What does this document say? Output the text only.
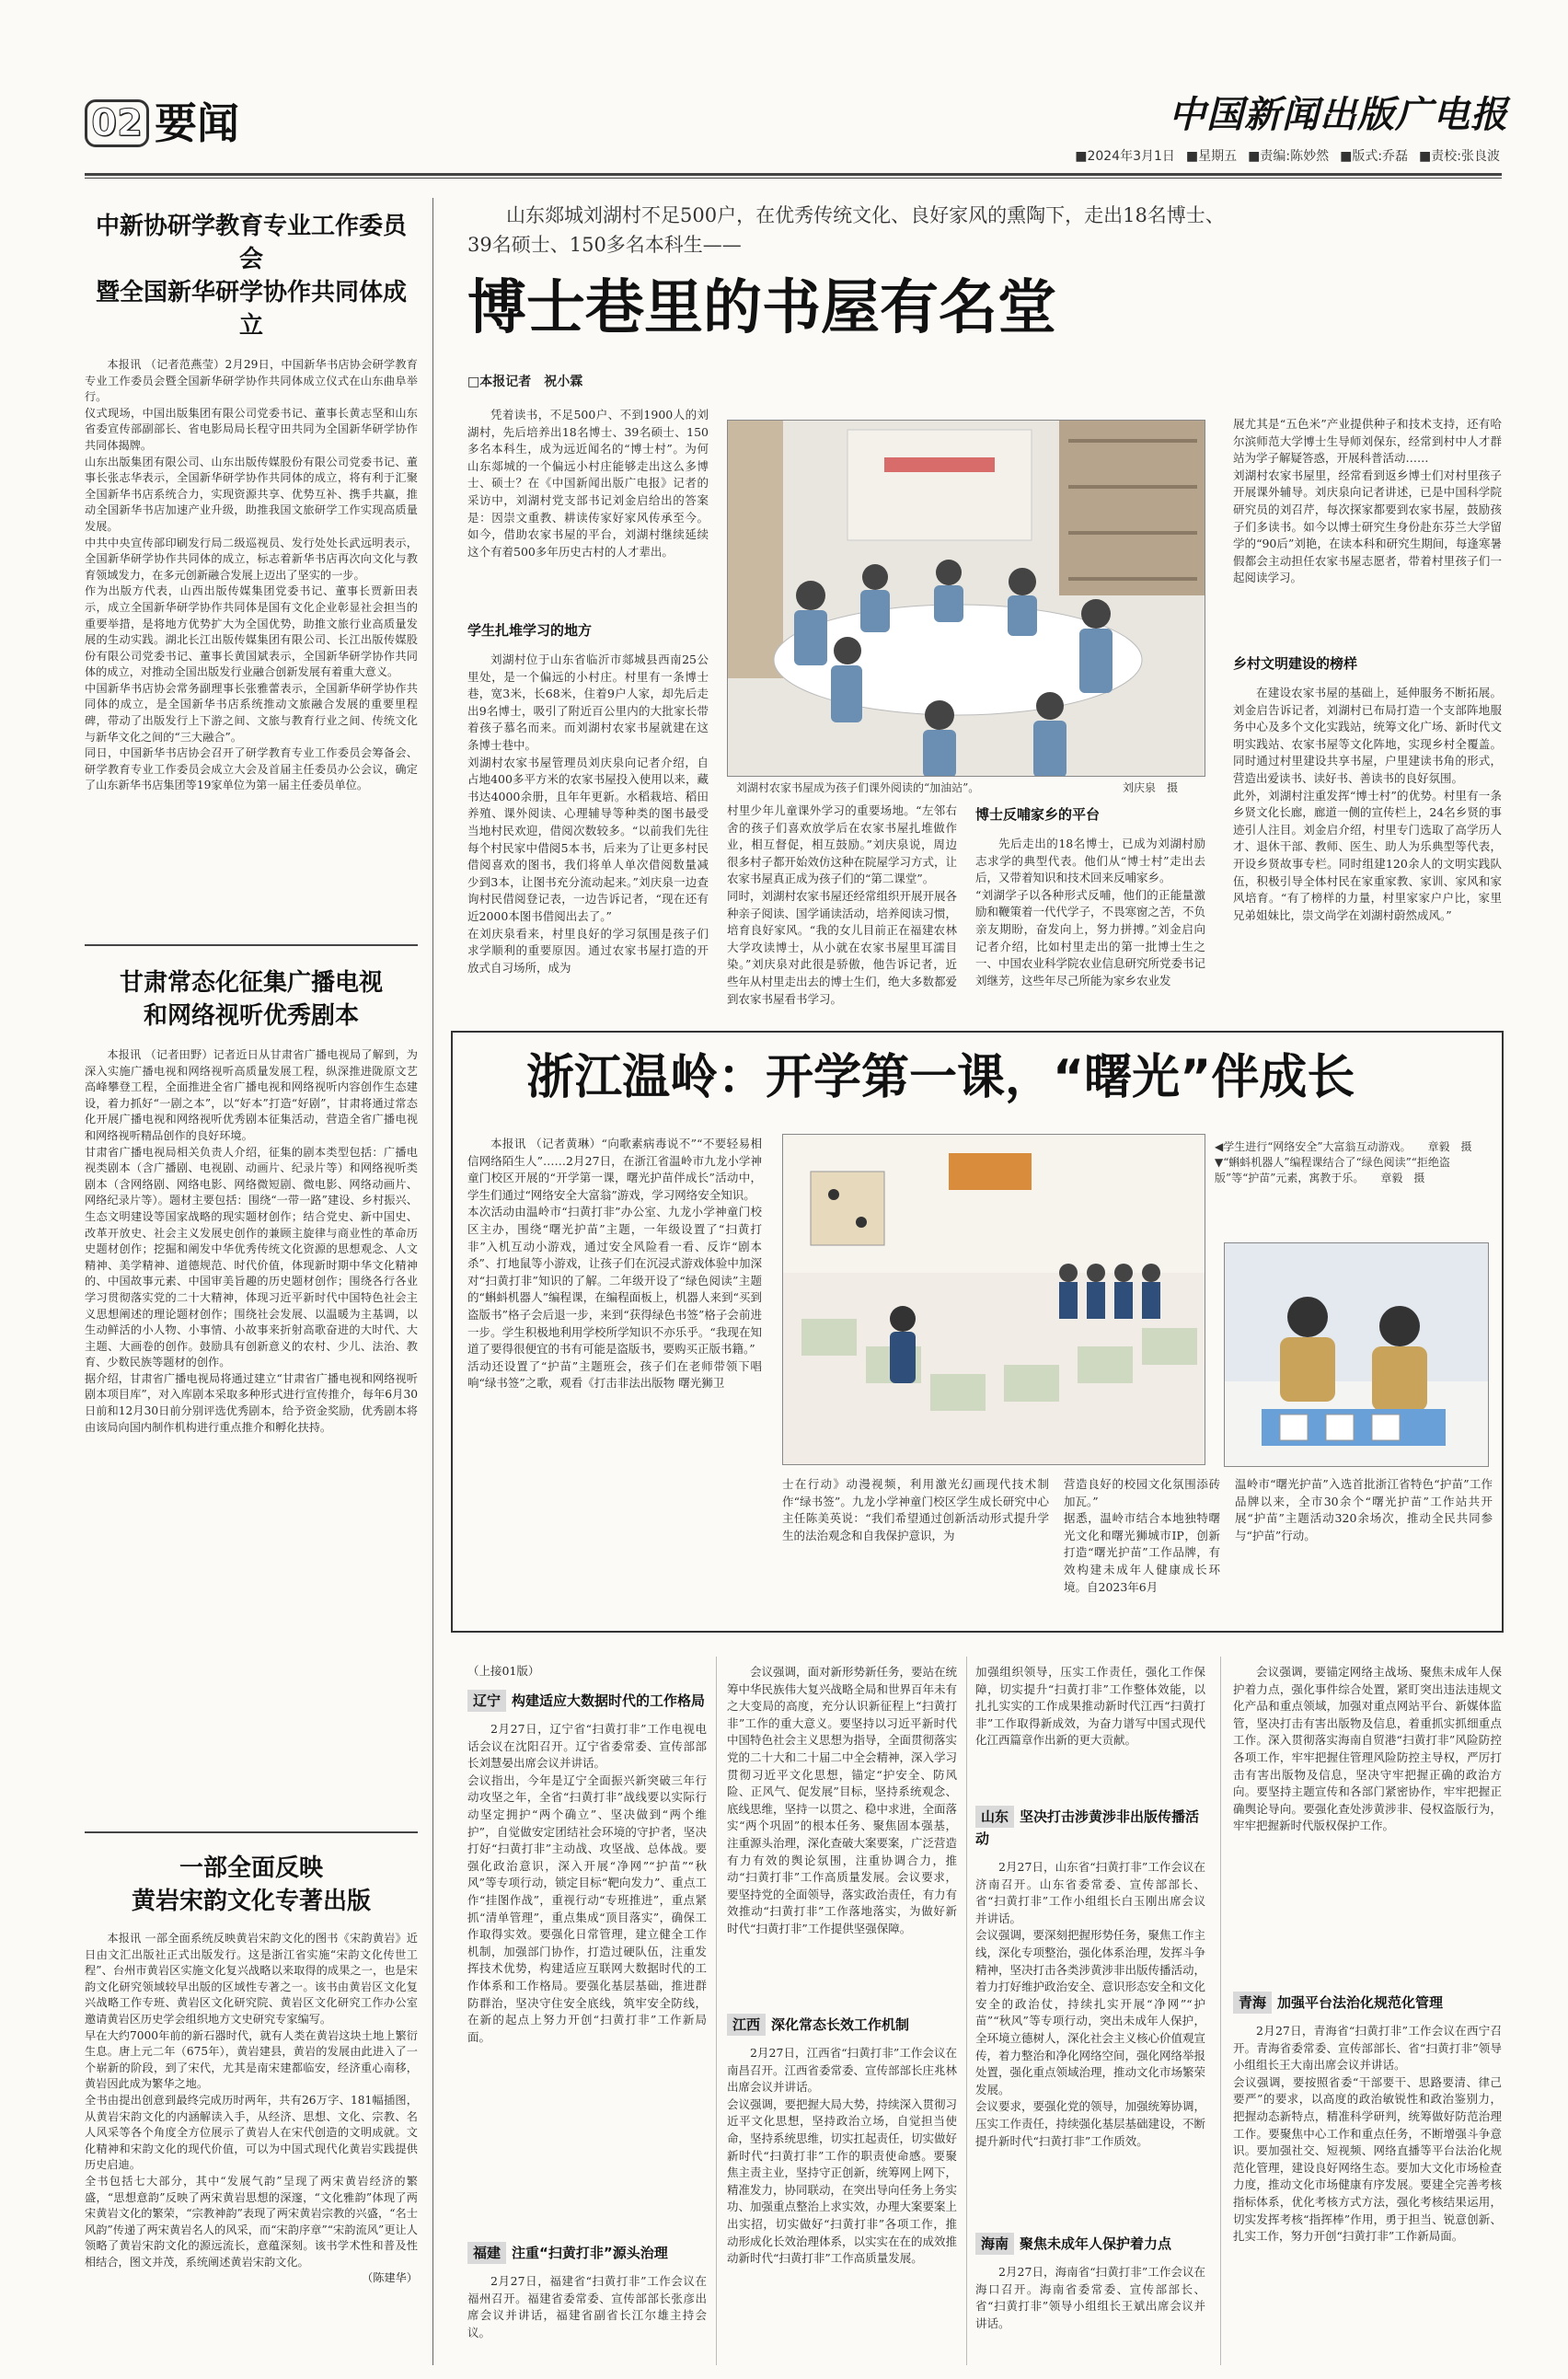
02 要闻	中国新闻出版广电报
■2024年3月1日 ■星期五 ■责编:陈妙然 ■版式:乔磊 ■责校:张良波
中新协研学教育专业工作委员会
暨全国新华研学协作共同体成立
本报讯 （记者范燕莹）2月29日，中国新华书店协会研学教育专业工作委员会暨全国新华研学协作共同体成立仪式在山东曲阜举行。
仪式现场，中国出版集团有限公司党委书记、董事长黄志坚和山东省委宣传部副部长、省电影局局长程守田共同为全国新华研学协作共同体揭牌。
山东出版集团有限公司、山东出版传媒股份有限公司党委书记、董事长张志华表示，全国新华研学协作共同体的成立，将有利于汇聚全国新华书店系统合力，实现资源共享、优势互补、携手共赢，推动全国新华书店加速产业升级，助推我国文旅研学工作实现高质量发展。
中共中央宣传部印刷发行局二级巡视员、发行处处长武远明表示，全国新华研学协作共同体的成立，标志着新华书店再次向文化与教育领域发力，在多元创新融合发展上迈出了坚实的一步。
作为出版方代表，山西出版传媒集团党委书记、董事长贾新田表示，成立全国新华研学协作共同体是国有文化企业彰显社会担当的重要举措，是将地方优势扩大为全国优势，助推文旅行业高质量发展的生动实践。湖北长江出版传媒集团有限公司、长江出版传媒股份有限公司党委书记、董事长黄国斌表示，全国新华研学协作共同体的成立，对推动全国出版发行业融合创新发展有着重大意义。
中国新华书店协会常务副理事长张雅蕾表示，全国新华研学协作共同体的成立，是全国新华书店系统推动文旅融合发展的重要里程碑，带动了出版发行上下游之间、文旅与教育行业之间、传统文化与新华文化之间的“三大融合”。
同日，中国新华书店协会召开了研学教育专业工作委员会筹备会、研学教育专业工作委员会成立大会及首届主任委员办公会议，确定了山东新华书店集团等19家单位为第一届主任委员单位。
甘肃常态化征集广播电视
和网络视听优秀剧本
本报讯 （记者田野）记者近日从甘肃省广播电视局了解到，为深入实施广播电视和网络视听高质量发展工程，纵深推进陇原文艺高峰攀登工程，全面推进全省广播电视和网络视听内容创作生态建设，着力抓好“一剧之本”，以“好本”打造“好剧”，甘肃将通过常态化开展广播电视和网络视听优秀剧本征集活动，营造全省广播电视和网络视听精品创作的良好环境。
甘肃省广播电视局相关负责人介绍，征集的剧本类型包括：广播电视类剧本（含广播剧、电视剧、动画片、纪录片等）和网络视听类剧本（含网络剧、网络电影、网络微短剧、微电影、网络动画片、网络纪录片等）。题材主要包括：围绕“一带一路”建设、乡村振兴、生态文明建设等国家战略的现实题材创作；结合党史、新中国史、改革开放史、社会主义发展史创作的兼顾主旋律与商业性的革命历史题材创作；挖掘和阐发中华优秀传统文化资源的思想观念、人文精神、美学精神、道德规范、时代价值，体现新时期中华文化精神的、中国故事元素、中国审美旨趣的历史题材创作；围绕各行各业学习贯彻落实党的二十大精神，体现习近平新时代中国特色社会主义思想阐述的理论题材创作；围绕社会发展、以温暖为主基调，以生动鲜活的小人物、小事情、小故事来折射高歌奋进的大时代、大主题、大画卷的创作。鼓励具有创新意义的农村、少儿、法治、教育、少数民族等题材的创作。
据介绍，甘肃省广播电视局将通过建立“甘肃省广播电视和网络视听剧本项目库”，对入库剧本采取多种形式进行宣传推介，每年6月30日前和12月30日前分别评选优秀剧本，给予资金奖励，优秀剧本将由该局向国内制作机构进行重点推介和孵化扶持。
一部全面反映
黄岩宋韵文化专著出版
本报讯 一部全面系统反映黄岩宋韵文化的图书《宋韵黄岩》近日由文汇出版社正式出版发行。这是浙江省实施“宋韵文化传世工程”、台州市黄岩区实施文化复兴战略以来取得的成果之一，也是宋韵文化研究领域较早出版的区域性专著之一。该书由黄岩区文化复兴战略工作专班、黄岩区文化研究院、黄岩区文化研究工作办公室邀请黄岩区历史学会组织地方文史研究专家编写。
早在大约7000年前的新石器时代，就有人类在黄岩这块土地上繁衍生息。唐上元二年（675年），黄岩建县，黄岩的发展由此进入了一个崭新的阶段，到了宋代，尤其是南宋建都临安，经济重心南移，黄岩因此成为繁华之地。
全书由提出创意到最终完成历时两年，共有26万字、181幅插图，从黄岩宋韵文化的内涵解读入手，从经济、思想、文化、宗教、名人风采等各个角度全方位展示了黄岩人在宋代创造的文明成就。文化精神和宋韵文化的现代价值，可以为中国式现代化黄岩实践提供历史启迪。
全书包括七大部分，其中“发展气韵”呈现了两宋黄岩经济的繁盛，“思想意韵”反映了两宋黄岩思想的深邃，“文化雅韵”体现了两宋黄岩文化的繁荣，“宗教神韵”表现了两宋黄岩宗教的兴盛，“名士风韵”传递了两宋黄岩名人的风采，而“宋韵序章”“宋韵流风”更让人领略了黄岩宋韵文化的源远流长，意蕴深刻。该书学术性和普及性相结合，图文并茂，系统阐述黄岩宋韵文化。
（陈建华）
山东郯城刘湖村不足500户，在优秀传统文化、良好家风的熏陶下，走出18名博士、
39名硕士、150多名本科生——
博士巷里的书屋有名堂
□本报记者　祝小霖
凭着读书，不足500户、不到1900人的刘湖村，先后培养出18名博士、39名硕士、150多名本科生，成为远近闻名的“博士村”。为何山东郯城的一个偏远小村庄能够走出这么多博士、硕士？在《中国新闻出版广电报》记者的采访中，刘湖村党支部书记刘金启给出的答案是：因崇文重教、耕读传家好家风传承至今。如今，借助农家书屋的平台，刘湖村继续延续这个有着500多年历史古村的人才辈出。
学生扎堆学习的地方
刘湖村位于山东省临沂市郯城县西南25公里处，是一个偏远的小村庄。村里有一条博士巷，宽3米，长68米，住着9户人家，却先后走出9名博士，吸引了附近百公里内的大批家长带着孩子慕名而来。而刘湖村农家书屋就建在这条博士巷中。
刘湖村农家书屋管理员刘庆泉向记者介绍，自占地400多平方米的农家书屋投入使用以来，藏书达4000余册，且年年更新。水稻栽培、稻田养殖、课外阅读、心理辅导等种类的图书最受当地村民欢迎，借阅次数较多。“以前我们先往每个村民家中借阅5本书，后来为了让更多村民借阅喜欢的图书，我们将单人单次借阅数量减少到3本，让图书充分流动起来。”刘庆泉一边查询村民借阅登记表，一边告诉记者，“现在还有近2000本图书借阅出去了。”
在刘庆泉看来，村里良好的学习氛围是孩子们求学顺利的重要原因。通过农家书屋打造的开放式自习场所，成为
刘湖村农家书屋成为孩子们课外阅读的“加油站”。	刘庆泉　摄
村里少年儿童课外学习的重要场地。“左邻右舍的孩子们喜欢放学后在农家书屋扎堆做作业，相互督促，相互鼓励。”刘庆泉说，周边很多村子都开始效仿这种在院屋学习方式，让农家书屋真正成为孩子们的“第二课堂”。
同时，刘湖村农家书屋还经常组织开展开展各种亲子阅读、国学诵读活动，培养阅读习惯，培育良好家风。“我的女儿目前正在福建农林大学攻读博士，从小就在农家书屋里耳濡目染。”刘庆泉对此很是骄傲，他告诉记者，近些年从村里走出去的博士生们，绝大多数都爱到农家书屋看书学习。
博士反哺家乡的平台
先后走出的18名博士，已成为刘湖村励志求学的典型代表。他们从“博士村”走出去后，又带着知识和技术回来反哺家乡。
“刘湖学子以各种形式反哺，他们的正能量激励和鞭策着一代代学子，不畏寒窗之苦，不负亲友期盼，奋发向上，努力拼搏。”刘金启向记者介绍，比如村里走出的第一批博士生之一、中国农业科学院农业信息研究所党委书记刘继芳，这些年尽己所能为家乡农业发
展尤其是“五色米”产业提供种子和技术支持，还有哈尔滨师范大学博士生导师刘保东，经常到村中人才群站为学子解疑答惑，开展科普活动……
刘湖村农家书屋里，经常看到返乡博士们对村里孩子开展课外辅导。刘庆泉向记者讲述，已是中国科学院研究员的刘召芹，每次探家都要到农家书屋，鼓励孩子们多读书。如今以博士研究生身份赴东芬兰大学留学的“90后”刘艳，在读本科和研究生期间，每逢寒暑假都会主动担任农家书屋志愿者，带着村里孩子们一起阅读学习。
乡村文明建设的榜样
在建设农家书屋的基础上，延伸服务不断拓展。刘金启告诉记者，刘湖村已布局打造一个支部阵地服务中心及多个文化实践站，统筹文化广场、新时代文明实践站、农家书屋等文化阵地，实现乡村全覆盖。同时通过村里建设共享书屋，户里建读书角的形式，营造出爱读书、读好书、善读书的良好氛围。
此外，刘湖村注重发挥“博士村”的优势。村里有一条乡贤文化长廊，廊道一侧的宣传栏上，24名乡贤的事迹引人注目。刘金启介绍，村里专门选取了高学历人才、退休干部、教师、医生、助人为乐典型等代表，开设乡贤故事专栏。同时组建120余人的文明实践队伍，积极引导全体村民在家重家教、家训、家风和家风培育。“有了榜样的力量，村里家家户户比，家里兄弟姐妹比，崇文尚学在刘湖村蔚然成风。”
浙江温岭：开学第一课，“曙光”伴成长
本报讯 （记者黄琳）“向歌素病毒说不”“不要轻易相信网络陌生人”……2月27日，在浙江省温岭市九龙小学神童门校区开展的“开学第一课，曙光护苗伴成长”活动中，学生们通过“网络安全大富翁”游戏，学习网络安全知识。
本次活动由温岭市“扫黄打非”办公室、九龙小学神童门校区主办，围绕“曙光护苗”主题，一年级设置了“扫黄打非”入机互动小游戏，通过安全风险看一看、反诈“剧本杀”、打地鼠等小游戏，让孩子们在沉浸式游戏体验中加深对“扫黄打非”知识的了解。二年级开设了“绿色阅读”主题的“蝌蚪机器人”编程课，在编程面板上，机器人来到“买到盗版书”格子会后退一步，来到“获得绿色书签”格子会前进一步。学生积极地利用学校所学知识不亦乐乎。“我现在知道了要得很便宜的书有可能是盗版书，要购买正版书籍。”
活动还设置了“护苗”主题班会，孩子们在老师带领下唱响“绿书签”之歌，观看《打击非法出版物 曙光狮卫
◀学生进行“网络安全”大富翁互动游戏。　　章毅　摄
▼“蝌蚪机器人”编程课结合了“绿色阅读”“拒绝盗版”等“护苗”元素，寓教于乐。　　章毅　摄
士在行动》动漫视频，利用激光幻画现代技术制作“绿书签”。九龙小学神童门校区学生成长研究中心主任陈美英说：“我们希望通过创新活动形式提升学生的法治观念和自我保护意识，为
营造良好的校园文化氛围添砖加瓦。”
据悉，温岭市结合本地独特曙光文化和曙光狮城市IP，创新打造“曙光护苗”工作品牌，有效构建未成年人健康成长环境。自2023年6月
温岭市“曙光护苗”入选首批浙江省特色“护苗”工作品牌以来，全市30余个“曙光护苗”工作站共开展“护苗”主题活动320余场次，推动全民共同参与“护苗”行动。
（上接01版）
辽宁 构建适应大数据时代的工作格局
2月27日，辽宁省“扫黄打非”工作电视电话会议在沈阳召开。辽宁省委常委、宣传部部长刘慧晏出席会议并讲话。
会议指出，今年是辽宁全面振兴新突破三年行动攻坚之年，全省“扫黄打非”战线要以实际行动坚定拥护“两个确立”、坚决做到“两个维护”，自觉做安定团结社会环境的守护者，坚决打好“扫黄打非”主动战、攻坚战、总体战。要强化政治意识，深入开展“净网”“护苗”“秋风”等专项行动，锁定目标“靶向发力”、重点工作“挂图作战”，重视行动“专班推进”，重点紧抓“清单管理”，重点集成“顶目落实”，确保工作取得实效。要强化日常管理，建立健全工作机制，加强部门协作，打造过硬队伍，注重发挥技术优势，构建适应互联网大数据时代的工作体系和工作格局。要强化基层基础，推进群防群治，坚决守住安全底线，筑牢安全防线，在新的起点上努力开创“扫黄打非”工作新局面。
福建 注重“扫黄打非”源头治理
2月27日，福建省“扫黄打非”工作会议在福州召开。福建省委常委、宣传部部长张彦出席会议并讲话，福建省副省长江尔雄主持会议。
会议强调，面对新形势新任务，要站在统筹中华民族伟大复兴战略全局和世界百年未有之大变局的高度，充分认识新征程上“扫黄打非”工作的重大意义。要坚持以习近平新时代中国特色社会主义思想为指导，全面贯彻落实党的二十大和二十届二中全会精神，深入学习贯彻习近平文化思想，锚定“护安全、防风险、正风气、促发展”目标，坚持系统观念、底线思维，坚持一以贯之、稳中求进，全面落实“两个巩固”的根本任务、聚焦固本强基，注重源头治理，深化查破大案要案，广泛营造有力有效的舆论氛围，注重协调合力，推动“扫黄打非”工作高质量发展。会议要求，要坚持党的全面领导，落实政治责任，有力有效推动“扫黄打非”工作落地落实，为做好新时代“扫黄打非”工作提供坚强保障。
江西 深化常态长效工作机制
2月27日，江西省“扫黄打非”工作会议在南昌召开。江西省委常委、宣传部部长庄兆林出席会议并讲话。
会议强调，要把握大局大势，持续深入贯彻习近平文化思想，坚持政治立场，自觉担当使命，坚持系统思维，切实扛起责任，切实做好新时代“扫黄打非”工作的职责使命感。要聚焦主责主业，坚持守正创新，统筹网上网下，精准发力，协同联动，在突出导向任务上务实功、加强重点整治上求实效，办理大案要案上出实招，切实做好“扫黄打非”各项工作，推动形成化长效治理体系，以实实在在的成效推动新时代“扫黄打非”工作高质量发展。
加强组织领导，压实工作责任，强化工作保障，切实提升“扫黄打非”工作整体效能，以扎扎实实的工作成果推动新时代江西“扫黄打非”工作取得新成效，为奋力谱写中国式现代化江西篇章作出新的更大贡献。
山东 坚决打击涉黄涉非出版传播活动
2月27日，山东省“扫黄打非”工作会议在济南召开。山东省委常委、宣传部部长、省“扫黄打非”工作小组组长白玉刚出席会议并讲话。
会议强调，要深刻把握形势任务，聚焦工作主线，深化专项整治，强化体系治理，发挥斗争精神，坚决打击各类涉黄涉非出版传播活动，着力打好维护政治安全、意识形态安全和文化安全的政治仗，持续扎实开展“净网”“护苗”“秋风”等专项行动，突出未成年人保护，全环境立德树人，深化社会主义核心价值观宣传，着力整治和净化网络空间，强化网络举报处置，强化重点领域治理，推动文化市场繁荣发展。
会议要求，要强化党的领导，加强统筹协调，压实工作责任，持续强化基层基础建设，不断提升新时代“扫黄打非”工作质效。
海南 聚焦未成年人保护着力点
2月27日，海南省“扫黄打非”工作会议在海口召开。海南省委常委、宣传部部长、省“扫黄打非”领导小组组长王斌出席会议并讲话。
会议强调，要锚定网络主战场、聚焦未成年人保护着力点，强化事件综合处置，紧盯突出违法违规文化产品和重点领域，加强对重点网站平台、新媒体监管，坚决打击有害出版物及信息，着重抓实抓细重点工作。深入贯彻落实海南自贸港“扫黄打非”风险防控各项工作，牢牢把握住管理风险防控主导权，严厉打击有害出版物及信息，坚决守牢把握正确的政治方向。要坚持主题宣传和各部门紧密协作，牢牢把握正确舆论导向。要强化查处涉黄涉非、侵权盗版行为，牢牢把握新时代版权保护工作。
青海 加强平台法治化规范化管理
2月27日，青海省“扫黄打非”工作会议在西宁召开。青海省委常委、宣传部部长、省“扫黄打非”领导小组组长王大南出席会议并讲话。
会议强调，要按照省委“干部要干、思路要清、律己要严”的要求，以高度的政治敏锐性和政治鉴别力，把握动态新特点，精准科学研判，统筹做好防范治理工作。要聚焦中心工作和重点任务，不断增强斗争意识。要加强社交、短视频、网络直播等平台法治化规范化管理，建设良好网络生态。要加大文化市场检查力度，推动文化市场健康有序发展。要建全完善考核指标体系，优化考核方式方法，强化考核结果运用，切实发挥考核“指挥棒”作用，勇于担当、锐意创新、扎实工作，努力开创“扫黄打非”工作新局面。
